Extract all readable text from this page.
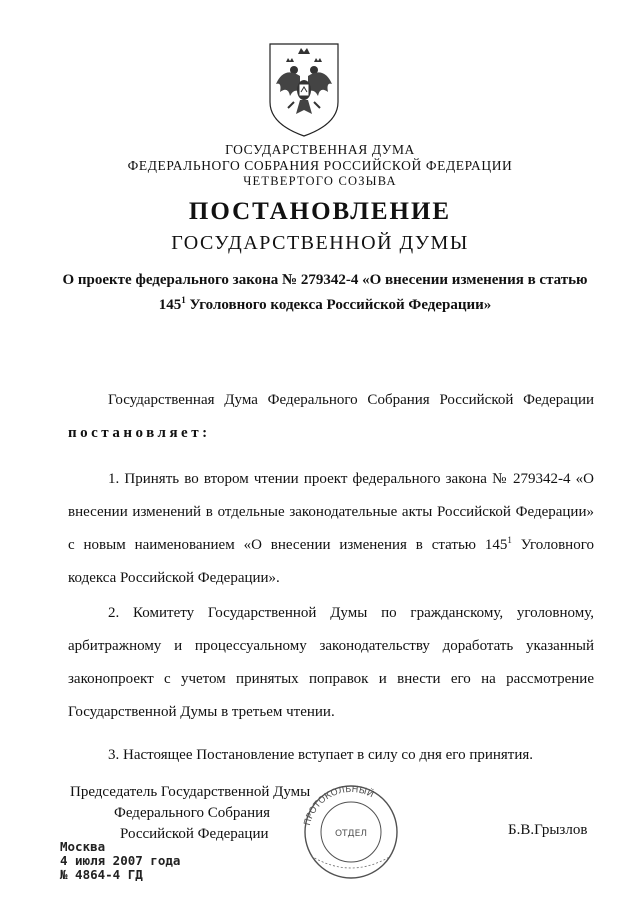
ГОСУДАРСТВЕННАЯ ДУМА
ФЕДЕРАЛЬНОГО СОБРАНИЯ РОССИЙСКОЙ ФЕДЕРАЦИИ
ЧЕТВЕРТОГО СОЗЫВА
ПОСТАНОВЛЕНИЕ
ГОСУДАРСТВЕННОЙ ДУМЫ
О проекте федерального закона № 279342-4 «О внесении изменения в статью $145^1$ Уголовного кодекса Российской Федерации»
Государственная Дума Федерального Собрания Российской Федерации постановляет:
1. Принять во втором чтении проект федерального закона № 279342-4 «О внесении изменений в отдельные законодательные акты Российской Федерации» с новым наименованием «О внесении изменения в статью $145^1$ Уголовного кодекса Российской Федерации».
2. Комитету Государственной Думы по гражданскому, уголовному, арбитражному и процессуальному законодательству доработать указанный законопроект с учетом принятых поправок и внести его на рассмотрение Государственной Думы в третьем чтении.
3. Настоящее Постановление вступает в силу со дня его принятия.
Председатель Государственной Думы
Федерального Собрания
Российской Федерации
ПРОТОКОЛЬНЫЙ
ОТДЕЛ	Б.В.Грызлов
Москва
4 июля 2007 года
№ 4864-4 ГД
